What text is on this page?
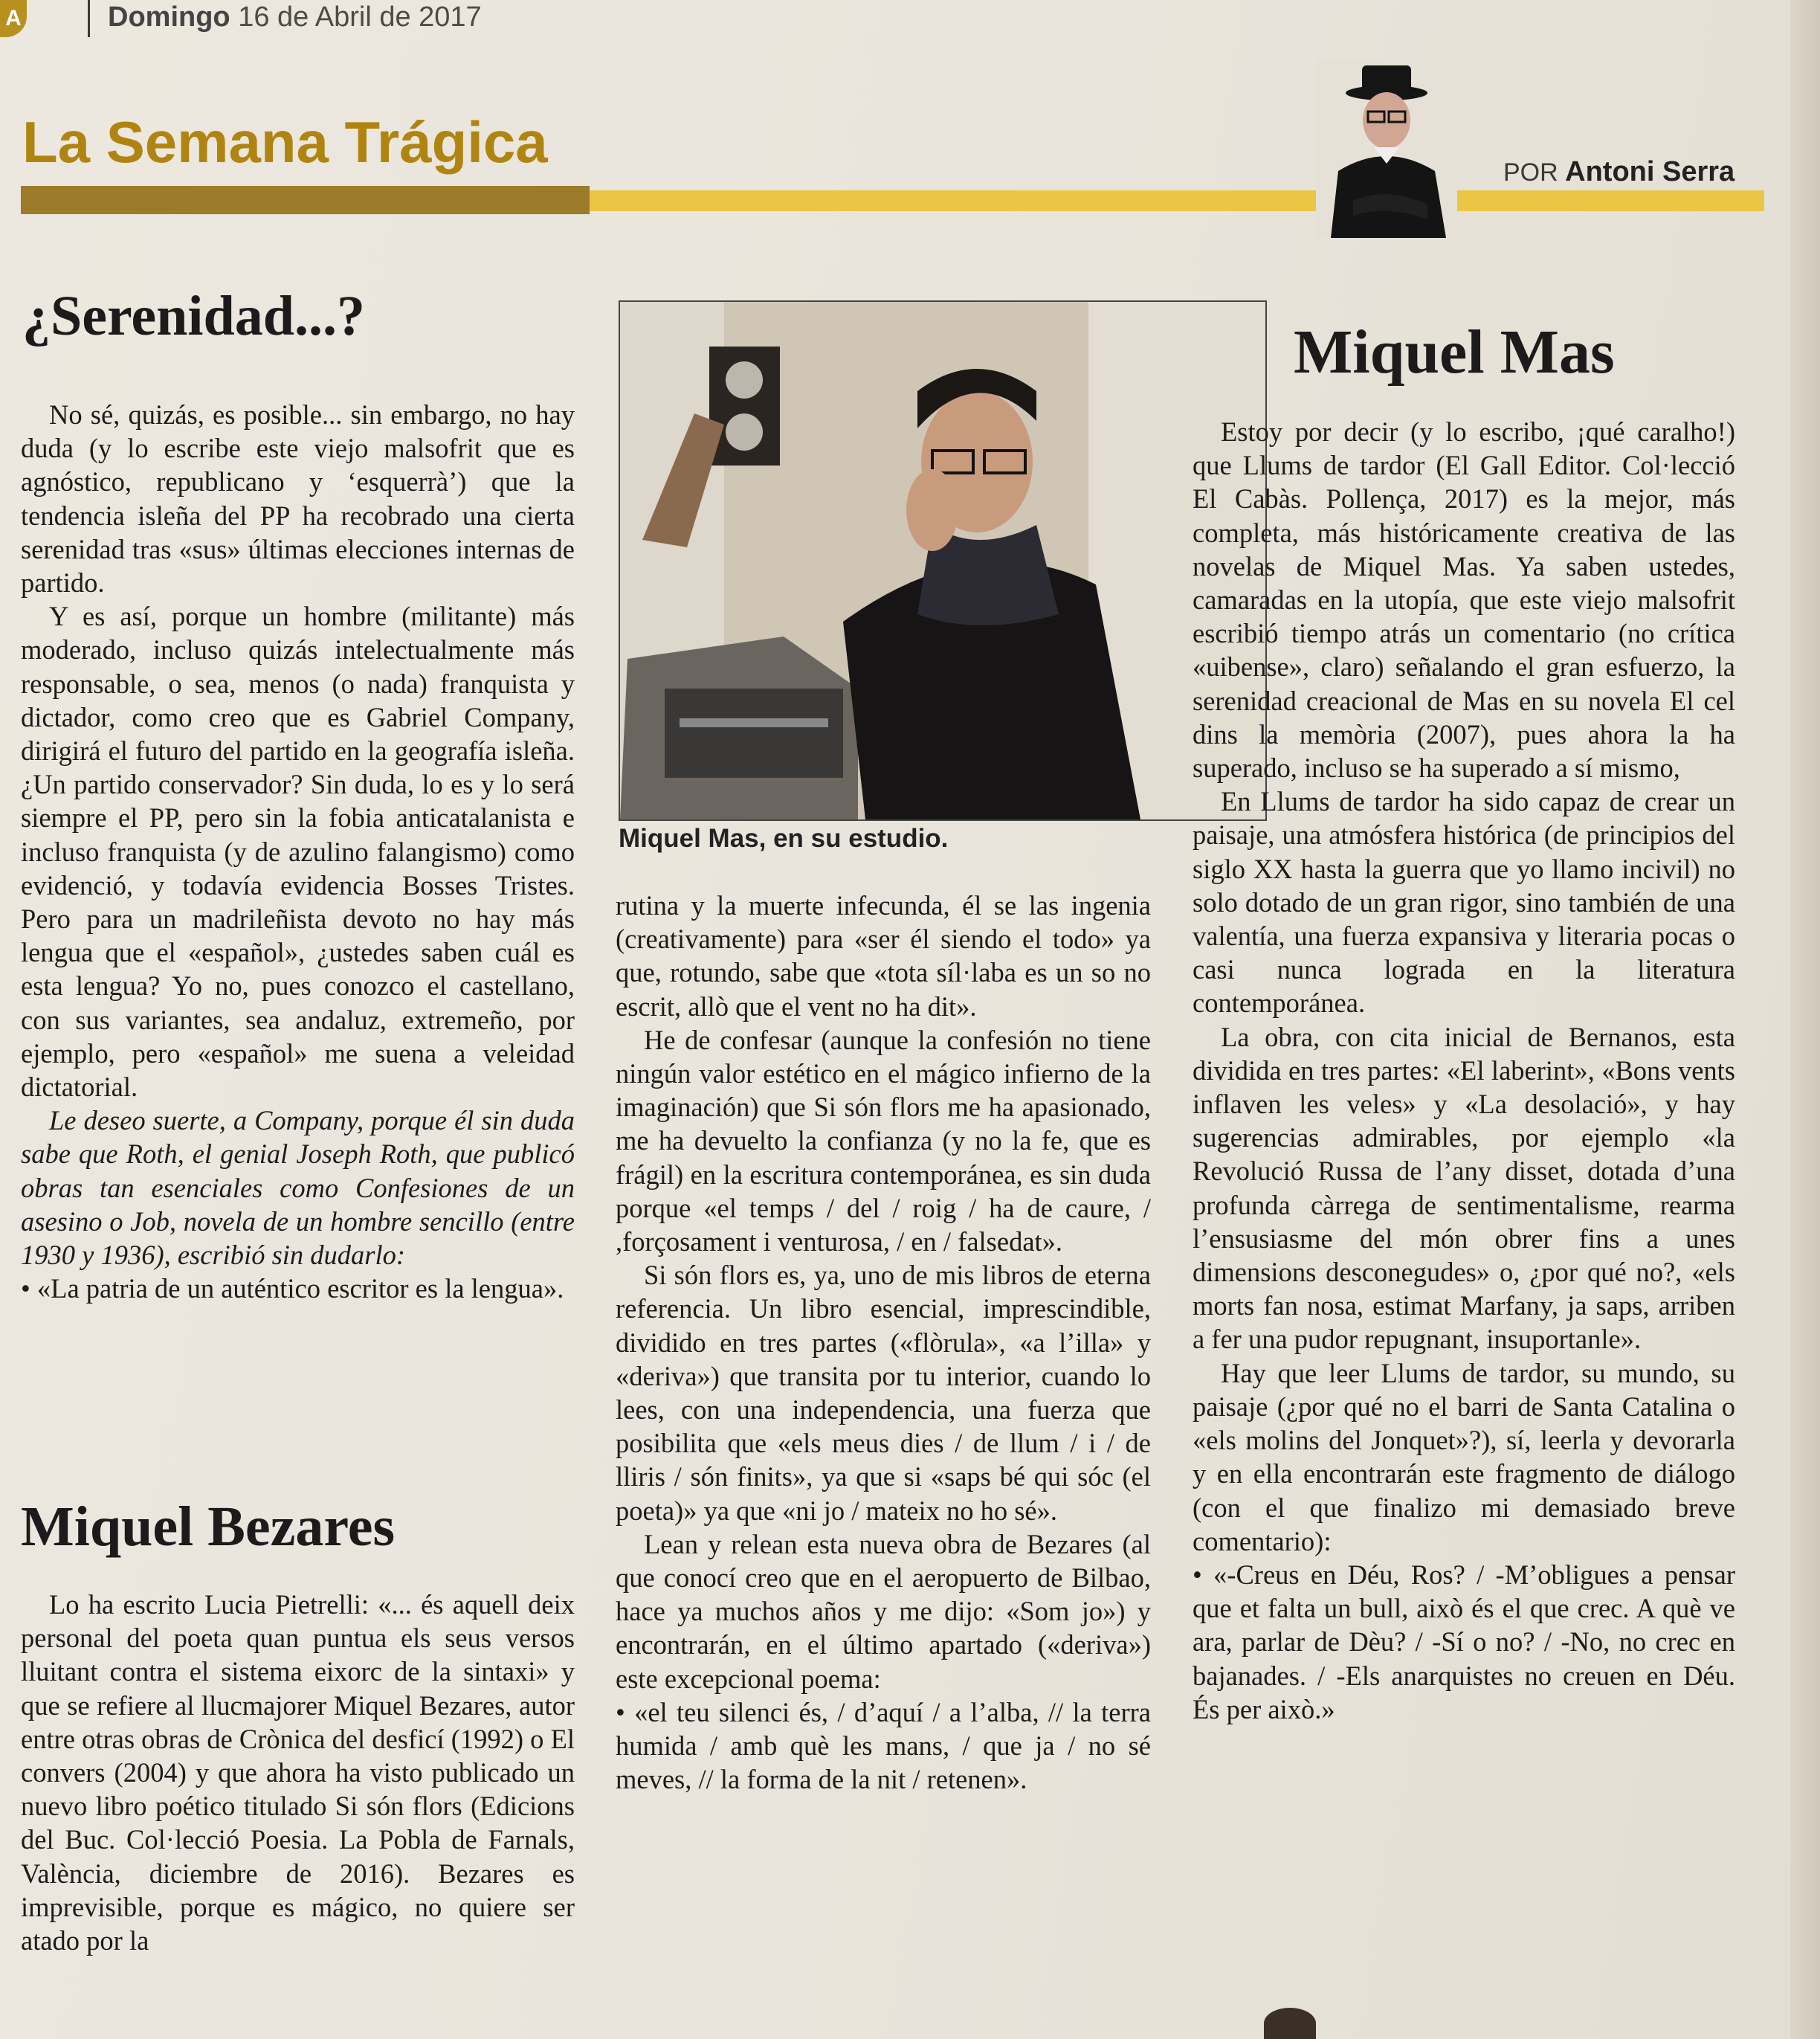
A	Domingo 16 de Abril de 2017
La Semana Trágica	POR Antoni Serra
¿Serenidad...?

No sé, quizás, es posible... sin embargo, no hay duda (y lo escribe este viejo malsofrit que es agnóstico, republicano y ‘esquerrà’) que la tendencia isleña del PP ha recobrado una cierta serenidad tras «sus» últimas elecciones internas de partido.

Y es así, porque un hombre (militante) más moderado, incluso quizás intelectualmente más responsable, o sea, menos (o nada) franquista y dictador, como creo que es Gabriel Company, dirigirá el futuro del partido en la geografía isleña. ¿Un partido conservador? Sin duda, lo es y lo será siempre el PP, pero sin la fobia anticatalanista e incluso franquista (y de azulino falangismo) como evidenció, y todavía evidencia Bosses Tristes. Pero para un madrileñista devoto no hay más lengua que el «español», ¿ustedes saben cuál es esta lengua? Yo no, pues conozco el castellano, con sus variantes, sea andaluz, extremeño, por ejemplo, pero «español» me suena a veleidad dictatorial.

Le deseo suerte, a Company, porque él sin duda sabe que Roth, el genial Joseph Roth, que publicó obras tan esenciales como Confesiones de un asesino o Job, novela de un hombre sencillo (entre 1930 y 1936), escribió sin dudarlo:

• «La patria de un auténtico escritor es la lengua».

Miquel Bezares

Lo ha escrito Lucia Pietrelli: «... és aquell deix personal del poeta quan puntua els seus versos lluitant contra el sistema eixorc de la sintaxi» y que se refiere al llucmajorer Miquel Bezares, autor entre otras obras de Crònica del desficí (1992) o El convers (2004) y que ahora ha visto publicado un nuevo libro poético titulado Si són flors (Edicions del Buc. Col·lecció Poesia. La Pobla de Farnals, València, diciembre de 2016). Bezares es imprevisible, porque es mágico, no quiere ser atado por la

Miquel Mas, en su estudio.

rutina y la muerte infecunda, él se las ingenia (creativamente) para «ser él siendo el todo» ya que, rotundo, sabe que «tota síl·laba es un so no escrit, allò que el vent no ha dit».

He de confesar (aunque la confesión no tiene ningún valor estético en el mágico infierno de la imaginación) que Si són flors me ha apasionado, me ha devuelto la confianza (y no la fe, que es frágil) en la escritura contemporánea, es sin duda porque «el temps / del / roig / ha de caure, / ,forçosament i venturosa, / en / falsedat».

Si són flors es, ya, uno de mis libros de eterna referencia. Un libro esencial, imprescindible, dividido en tres partes («flòrula», «a l’illa» y «deriva») que transita por tu interior, cuando lo lees, con una independencia, una fuerza que posibilita que «els meus dies / de llum / i / de lliris / són finits», ya que si «saps bé qui sóc (el poeta)» ya que «ni jo / mateix no ho sé».

Lean y relean esta nueva obra de Bezares (al que conocí creo que en el aeropuerto de Bilbao, hace ya muchos años y me dijo: «Som jo») y encontrarán, en el último apartado («deriva») este excepcional poema:

• «el teu silenci és, / d’aquí / a l’alba, // la terra humida / amb què les mans, / que ja / no sé meves, // la forma de la nit / retenen».

Miquel Mas

Estoy por decir (y lo escribo, ¡qué caralho!) que Llums de tardor (El Gall Editor. Col·lecció El Cabàs. Pollença, 2017) es la mejor, más completa, más históricamente creativa de las novelas de Miquel Mas. Ya saben ustedes, camaradas en la utopía, que este viejo malsofrit escribió tiempo atrás un comentario (no crítica «uibense», claro) señalando el gran esfuerzo, la serenidad creacional de Mas en su novela El cel dins la memòria (2007), pues ahora la ha superado, incluso se ha superado a sí mismo,

En Llums de tardor ha sido capaz de crear un paisaje, una atmósfera histórica (de principios del siglo XX hasta la guerra que yo llamo incivil) no solo dotado de un gran rigor, sino también de una valentía, una fuerza expansiva y literaria pocas o casi nunca lograda en la literatura contemporánea.

La obra, con cita inicial de Bernanos, esta dividida en tres partes: «El laberint», «Bons vents inflaven les veles» y «La desolació», y hay sugerencias admirables, por ejemplo «la Revolució Russa de l’any disset, dotada d’una profunda càrrega de sentimentalisme, rearma l’ensusiasme del món obrer fins a unes dimensions desconegudes» o, ¿por qué no?, «els morts fan nosa, estimat Marfany, ja saps, arriben a fer una pudor repugnant, insuportanle».

Hay que leer Llums de tardor, su mundo, su paisaje (¿por qué no el barri de Santa Catalina o «els molins del Jonquet»?), sí, leerla y devorarla y en ella encontrarán este fragmento de diálogo (con el que finalizo mi demasiado breve comentario):

• «-Creus en Déu, Ros? / -M’obligues a pensar que et falta un bull, això és el que crec. A què ve ara, parlar de Dèu? / -Sí o no? / -No, no crec en bajanades. / -Els anarquistes no creuen en Déu. És per això.»
